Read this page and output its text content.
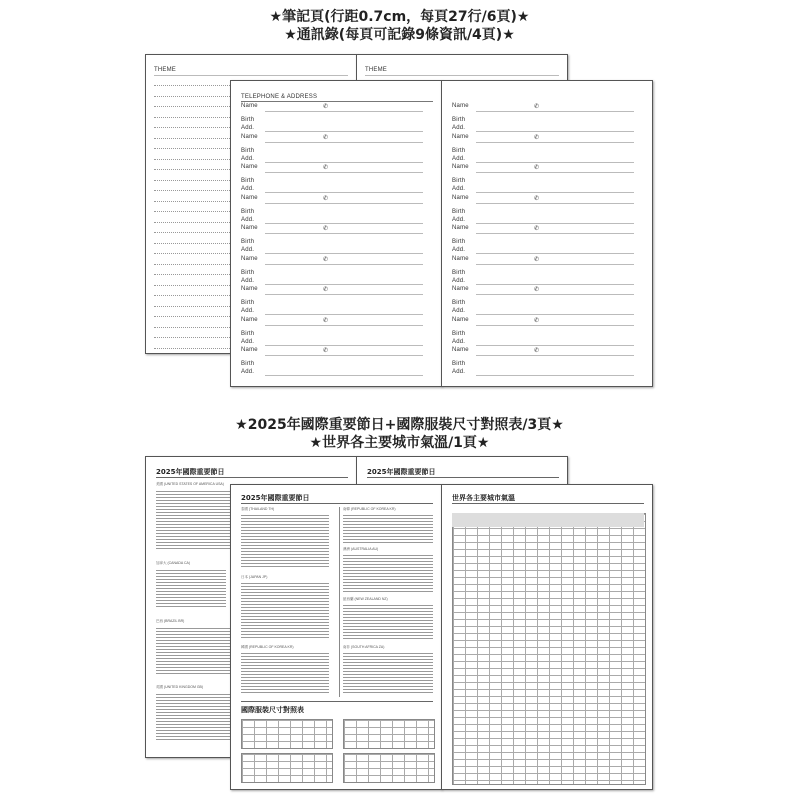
★筆記頁(行距0.7cm，每頁27行/6頁)★
★通訊錄(每頁可記錄9條資訊/4頁)★
THEME	THEME
TELEPHONE & ADDRESS
Name	✆
Birth
Add.
Name	✆
Birth
Add.
Name	✆
Birth
Add.
Name	✆
Birth
Add.
Name	✆
Birth
Add.
Name	✆
Birth
Add.
Name	✆
Birth
Add.
Name	✆
Birth
Add.
Name	✆
Birth
Add.
Name	✆
Birth
Add.
Name	✆
Birth
Add.
Name	✆
Birth
Add.
Name	✆
Birth
Add.
Name	✆
Birth
Add.
Name	✆
Birth
Add.
Name	✆
Birth
Add.
Name	✆
Birth
Add.
Name	✆
Birth
Add.
★2025年國際重要節日+國際服裝尺寸對照表/3頁★
★世界各主要城市氣溫/1頁★
2025年國際重要節日
美國 (UNITED STATES OF AMERICA USA)
加拿大 (CANADA CA)
巴西 (BRAZIL BR)
英國 (UNITED KINGDOM GB)
2025年國際重要節日
2025年國際重要節日
泰國 (THAILAND TH)
日本 (JAPAN JP)
韓國 (REPUBLIC OF KOREA KR)
南韓 (REPUBLIC OF KOREA KR)
澳洲 (AUSTRALIA AU)
紐西蘭 (NEW ZEALAND NZ)
南非 (SOUTH AFRICA ZA)
國際服裝尺寸對照表
世界各主要城市氣溫
